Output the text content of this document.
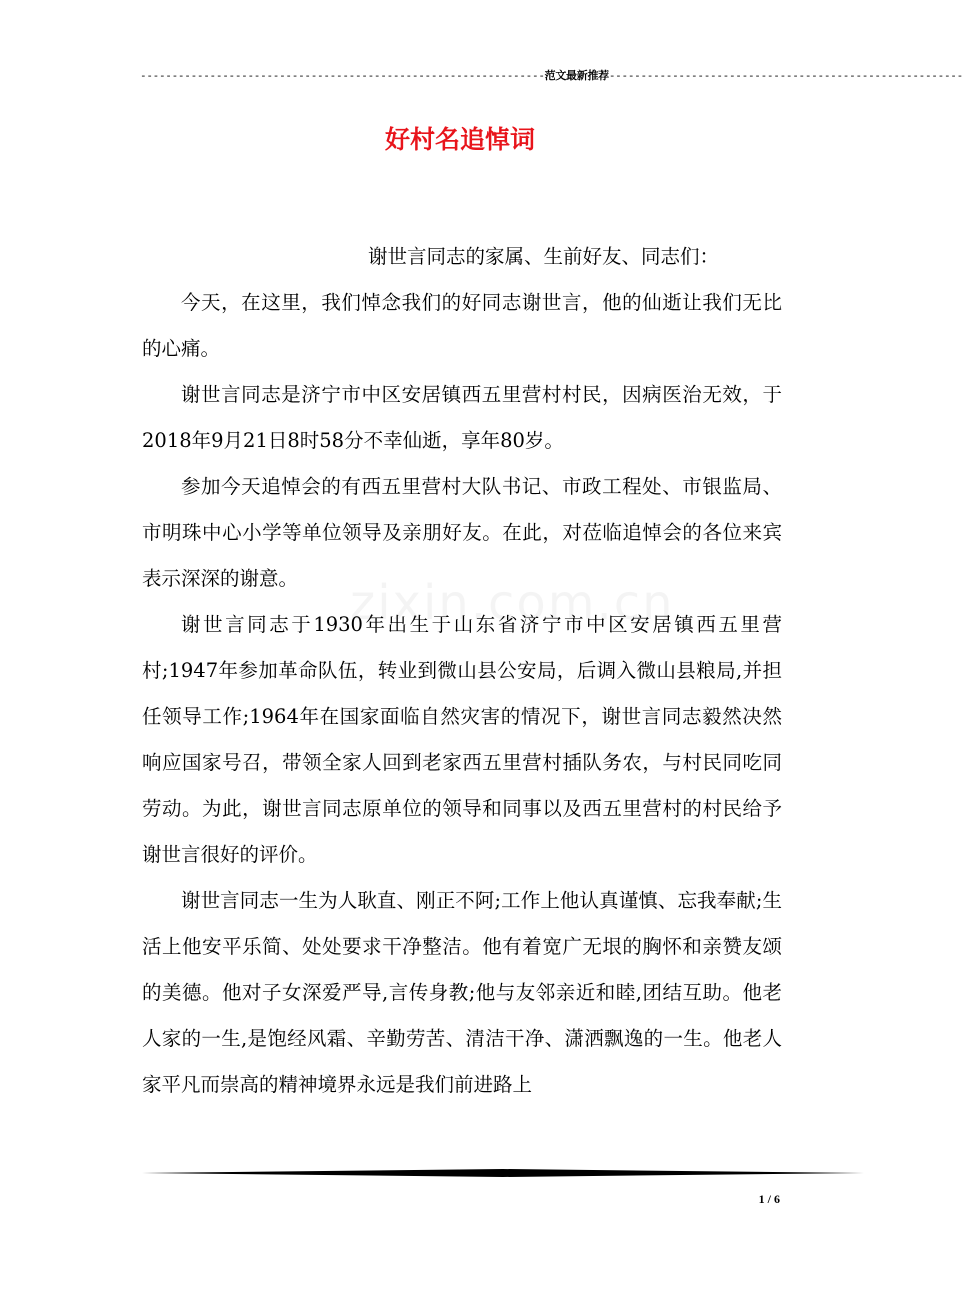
----------------------------------------------------------------范文最新推荐--------------------------------------------------------
好村名追悼词

谢世言同志的家属、生前好友、同志们：

今天，在这里，我们悼念我们的好同志谢世言，他的仙逝让我们无比的心痛。

谢世言同志是济宁市中区安居镇西五里营村村民，因病医治无效，于2018年9月21日8时58分不幸仙逝，享年80岁。

参加今天追悼会的有西五里营村大队书记、市政工程处、市银监局、市明珠中心小学等单位领导及亲朋好友。在此，对莅临追悼会的各位来宾表示深深的谢意。

谢世言同志于1930年出生于山东省济宁市中区安居镇西五里营村;1947年参加革命队伍，转业到微山县公安局，后调入微山县粮局,并担任领导工作;1964年在国家面临自然灾害的情况下，谢世言同志毅然决然响应国家号召，带领全家人回到老家西五里营村插队务农，与村民同吃同劳动。为此，谢世言同志原单位的领导和同事以及西五里营村的村民给予谢世言很好的评价。

谢世言同志一生为人耿直、刚正不阿;工作上他认真谨慎、忘我奉献;生活上他安平乐简、处处要求干净整洁。他有着宽广无垠的胸怀和亲赞友颂的美德。他对子女深爱严导,言传身教;他与友邻亲近和睦,团结互助。他老人家的一生,是饱经风霜、辛勤劳苦、清洁干净、潇洒飘逸的一生。他老人家平凡而崇高的精神境界永远是我们前进路上

1 / 6
